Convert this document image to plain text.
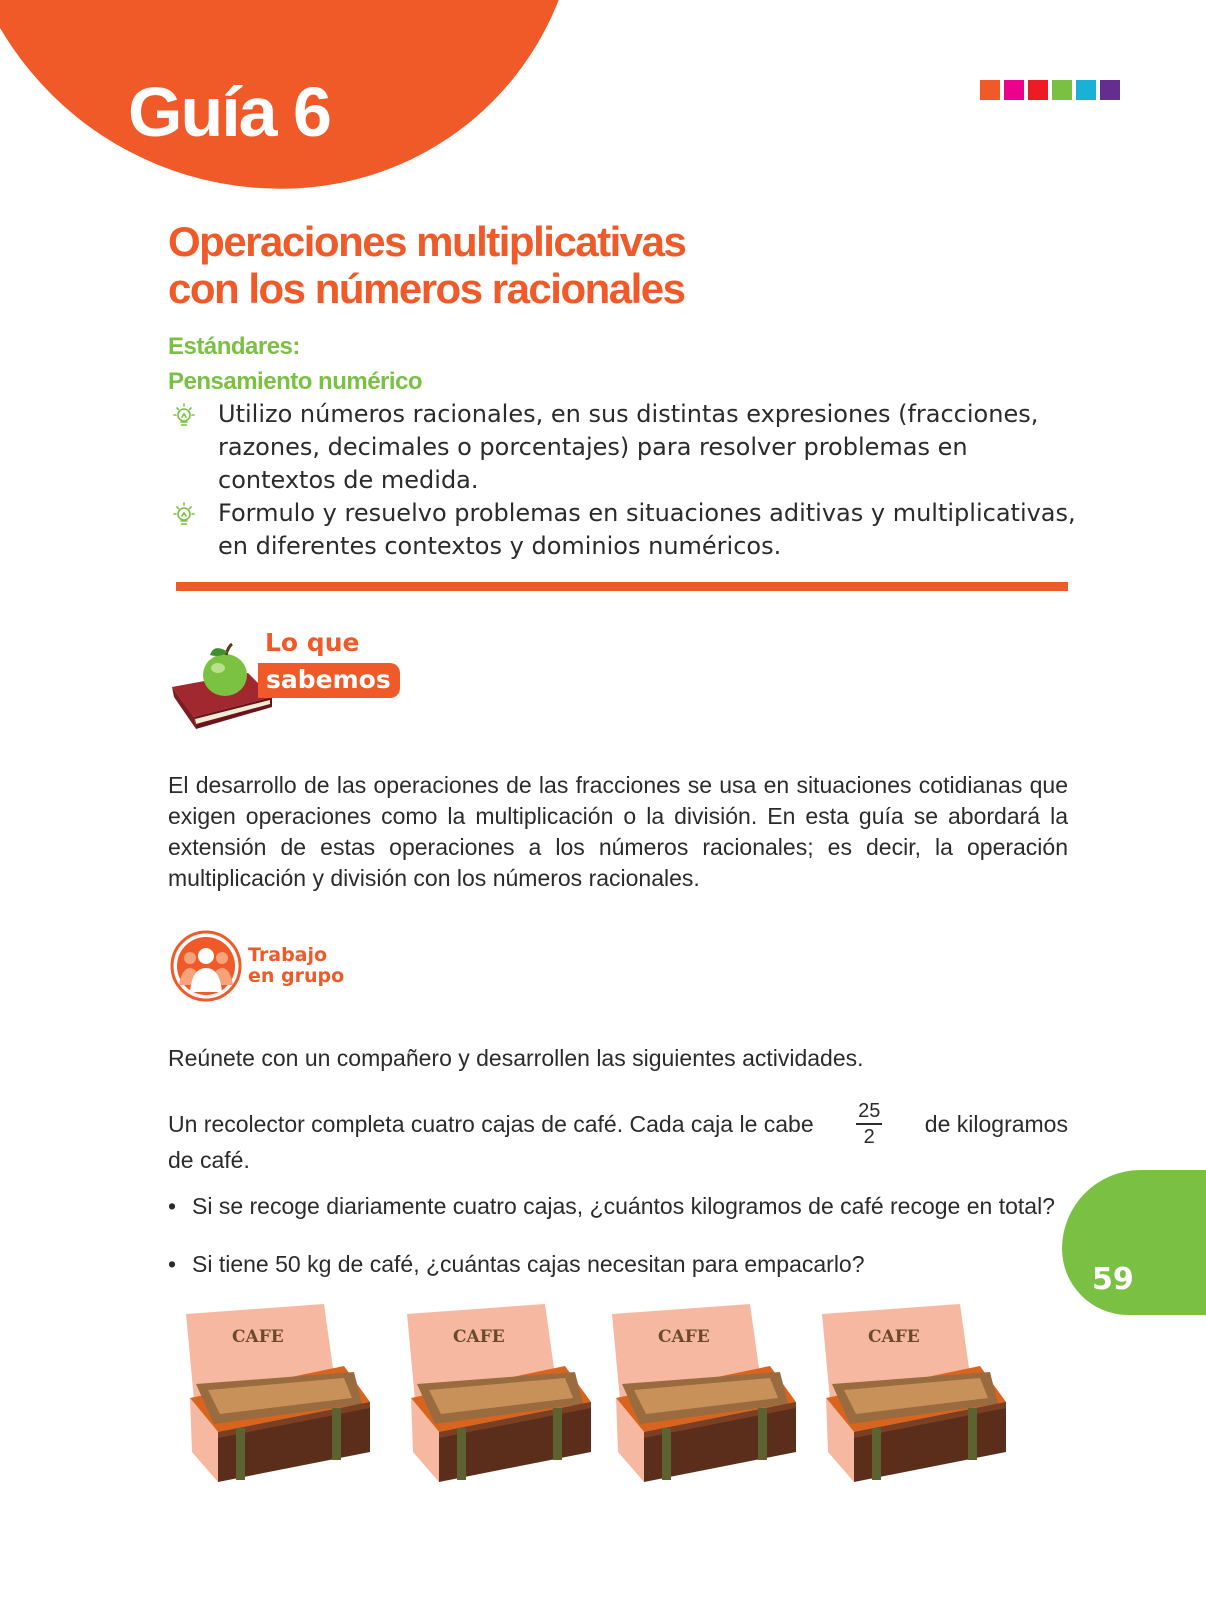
Guía 6
Operaciones multiplicativas
con los números racionales

Estándares:

Pensamiento numérico

Utilizo números racionales, en sus distintas expresiones (fracciones, razones, decimales o porcentajes) para resolver problemas en contextos de medida.
Formulo y resuelvo problemas en situaciones aditivas y multiplicativas, en diferentes contextos y dominios numéricos.

Lo que

sabemos

El desarrollo de las operaciones de las fracciones se usa en situaciones cotidianas que exigen operaciones como la multiplicación o la división. En esta guía se abordará la extensión de estas operaciones a los números racionales; es decir, la operación multiplicación y división con los números racionales.

Trabajo
en grupo

Reúnete con un compañero y desarrollen las siguientes actividades.

Un recolector completa cuatro cajas de café. Cada caja le cabe $\frac{25}{2}$ de kilogramos
de café.

• Si se recoge diariamente cuatro cajas, ¿cuántos kilogramos de café recoge en total?

• Si tiene 50 kg de café, ¿cuántas cajas necesitan para empacarlo?	59

CAFE	CAFE	CAFE	CAFE
